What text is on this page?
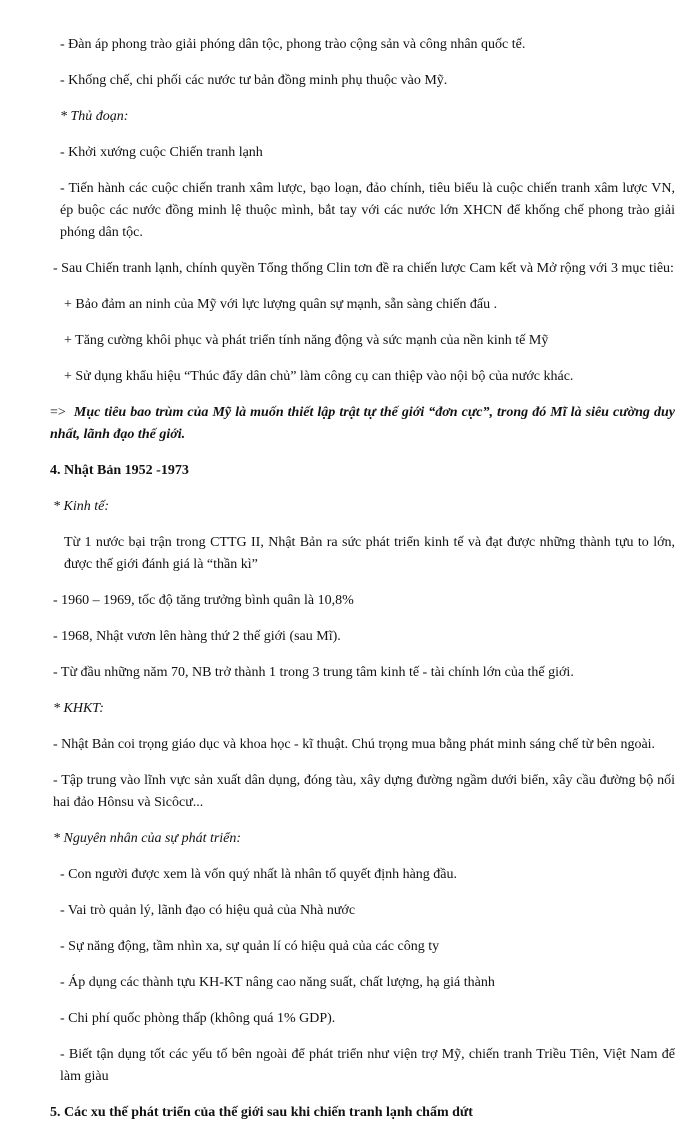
- Đàn áp phong trào giải phóng dân tộc, phong trào cộng sản và công nhân quốc tế.

- Khống chế, chi phối các nước tư bản đồng minh phụ thuộc vào Mỹ.

* Thủ đoạn:

- Khởi xướng cuộc Chiến tranh lạnh

- Tiến hành các cuộc chiến tranh xâm lược, bạo loạn, đảo chính, tiêu biểu là cuộc chiến tranh xâm lược VN, ép buộc các nước đồng minh lệ thuộc mình, bắt tay với các nước lớn XHCN để khống chế phong trào giải phóng dân tộc.

- Sau Chiến tranh lạnh, chính quyền Tổng thống Clin tơn đề ra chiến lược Cam kết và Mở rộng với 3 mục tiêu:

+ Bảo đảm an ninh của Mỹ với lực lượng quân sự mạnh, sẵn sàng chiến đấu .

+ Tăng cường khôi phục và phát triển tính năng động và sức mạnh của nền kinh tế Mỹ

+ Sử dụng khẩu hiệu “Thúc đẩy dân chủ” làm công cụ can thiệp vào nội bộ của nước khác.

=> Mục tiêu bao trùm của Mỹ là muốn thiết lập trật tự thế giới “đơn cực”, trong đó Mĩ là siêu cường duy nhất, lãnh đạo thế giới.

4. Nhật Bản 1952 -1973

* Kinh tế:

Từ 1 nước bại trận trong CTTG II, Nhật Bản ra sức phát triển kinh tế và đạt được những thành tựu to lớn, được thế giới đánh giá là “thần kì”

- 1960 – 1969, tốc độ tăng trưởng bình quân là 10,8%

- 1968, Nhật vươn lên hàng thứ 2 thế giới (sau Mĩ).

- Từ đầu những năm 70, NB trở thành 1 trong 3 trung tâm kinh tế - tài chính lớn của thế giới.

* KHKT:

- Nhật Bản coi trọng giáo dục và khoa học - kĩ thuật. Chú trọng mua bằng phát minh sáng chế từ bên ngoài.

- Tập trung vào lĩnh vực sản xuất dân dụng, đóng tàu, xây dựng đường ngầm dưới biển, xây cầu đường bộ nối hai đảo Hônsu và Sicôcư...

* Nguyên nhân của sự phát triển:

- Con người được xem là vốn quý nhất là nhân tố quyết định hàng đầu.

- Vai trò quản lý, lãnh đạo có hiệu quả của Nhà nước

- Sự năng động, tầm nhìn xa, sự quản lí có hiệu quả của các công ty

- Áp dụng các thành tựu KH-KT nâng cao năng suất, chất lượng, hạ giá thành

- Chi phí quốc phòng thấp (không quá 1% GDP).

- Biết tận dụng tốt các yếu tố bên ngoài để phát triển như viện trợ Mỹ, chiến tranh Triều Tiên, Việt Nam để làm giàu

5. Các xu thế phát triển của thế giới sau khi chiến tranh lạnh chấm dứt
